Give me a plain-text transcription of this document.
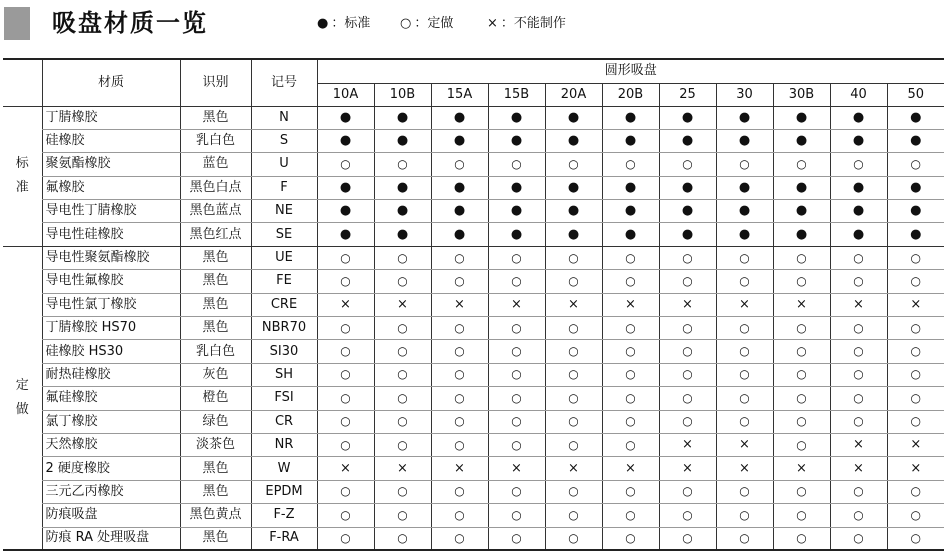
吸盘材质一览	● ：标准 ○ ：定做	× ：不能制作
	材质	识别	记号	圆形吸盘										
				10A	10B	15A	15B	20A	20B	25	30	30B	40	50
标
准	丁腈橡胶	黑色	N	●	●	●	●	●	●	●	●	●	●	●
	硅橡胶	乳白色	S	●	●	●	●	●	●	●	●	●	●	●
	聚氨酯橡胶	蓝色	U	○	○	○	○	○	○	○	○	○	○	○
	氟橡胶	黑色白点	F	●	●	●	●	●	●	●	●	●	●	●
	导电性丁腈橡胶	黑色蓝点	NE	●	●	●	●	●	●	●	●	●	●	●
	导电性硅橡胶	黑色红点	SE	●	●	●	●	●	●	●	●	●	●	●
定
做	导电性聚氨酯橡胶	黑色	UE	○	○	○	○	○	○	○	○	○	○	○
	导电性氟橡胶	黑色	FE	○	○	○	○	○	○	○	○	○	○	○
	导电性氯丁橡胶	黑色	CRE	×	×	×	×	×	×	×	×	×	×	×
	丁腈橡胶 HS70	黑色	NBR70	○	○	○	○	○	○	○	○	○	○	○
	硅橡胶 HS30	乳白色	SI30	○	○	○	○	○	○	○	○	○	○	○
	耐热硅橡胶	灰色	SH	○	○	○	○	○	○	○	○	○	○	○
	氟硅橡胶	橙色	FSI	○	○	○	○	○	○	○	○	○	○	○
	氯丁橡胶	绿色	CR	○	○	○	○	○	○	○	○	○	○	○
	天然橡胶	淡茶色	NR	○	○	○	○	○	○	×	×	○	×	×
	2 硬度橡胶	黑色	W	×	×	×	×	×	×	×	×	×	×	×
	三元乙丙橡胶	黑色	EPDM	○	○	○	○	○	○	○	○	○	○	○
	防痕吸盘	黑色黄点	F-Z	○	○	○	○	○	○	○	○	○	○	○
	防痕 RA 处理吸盘	黑色	F-RA	○	○	○	○	○	○	○	○	○	○	○
